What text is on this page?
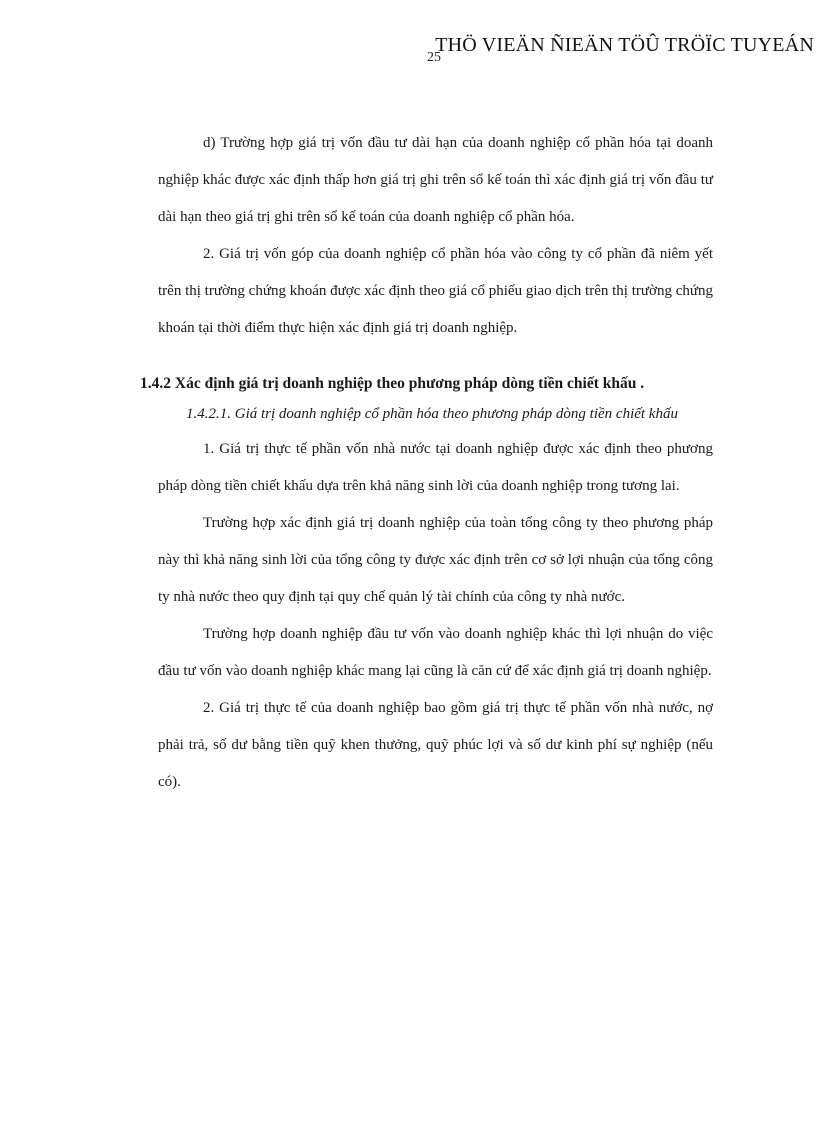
THÖ VIEÄN ÑIEÄN TÖÛ TRÖÏC TUYEÁN
25

d) Trường hợp giá trị vốn đầu tư dài hạn của doanh nghiệp cổ phần hóa tại doanh nghiệp khác được xác định thấp hơn giá trị ghi trên sổ kế toán thì xác định giá trị vốn đầu tư dài hạn theo giá trị ghi trên sổ kế toán của doanh nghiệp cổ phần hóa.

2. Giá trị vốn góp của doanh nghiệp cổ phần hóa vào công ty cổ phần đã niêm yết trên thị trường chứng khoán được xác định theo giá cổ phiếu giao dịch trên thị trường chứng khoán tại thời điểm thực hiện xác định giá trị doanh nghiệp.

1.4.2 Xác định giá trị doanh nghiệp theo phương pháp dòng tiền chiết khấu .

1.4.2.1. Giá trị doanh nghiệp cổ phần hóa theo phương pháp dòng tiền chiết khấu

1. Giá trị thực tế phần vốn nhà nước tại doanh nghiệp được xác định theo phương pháp dòng tiền chiết khấu dựa trên khả năng sinh lời của doanh nghiệp trong tương lai.

Trường hợp xác định giá trị doanh nghiệp của toàn tổng công ty theo phương pháp này thì khả năng sinh lời của tổng công ty được xác định trên cơ sở lợi nhuận của tổng công ty nhà nước theo quy định tại quy chế quản lý tài chính của công ty nhà nước.

Trường hợp doanh nghiệp đầu tư vốn vào doanh nghiệp khác thì lợi nhuận do việc đầu tư vốn vào doanh nghiệp khác mang lại cũng là căn cứ để xác định giá trị doanh nghiệp.

2. Giá trị thực tế của doanh nghiệp bao gồm giá trị thực tế phần vốn nhà nước, nợ phải trả, số dư bằng tiền quỹ khen thưởng, quỹ phúc lợi và số dư kinh phí sự nghiệp (nếu có).
